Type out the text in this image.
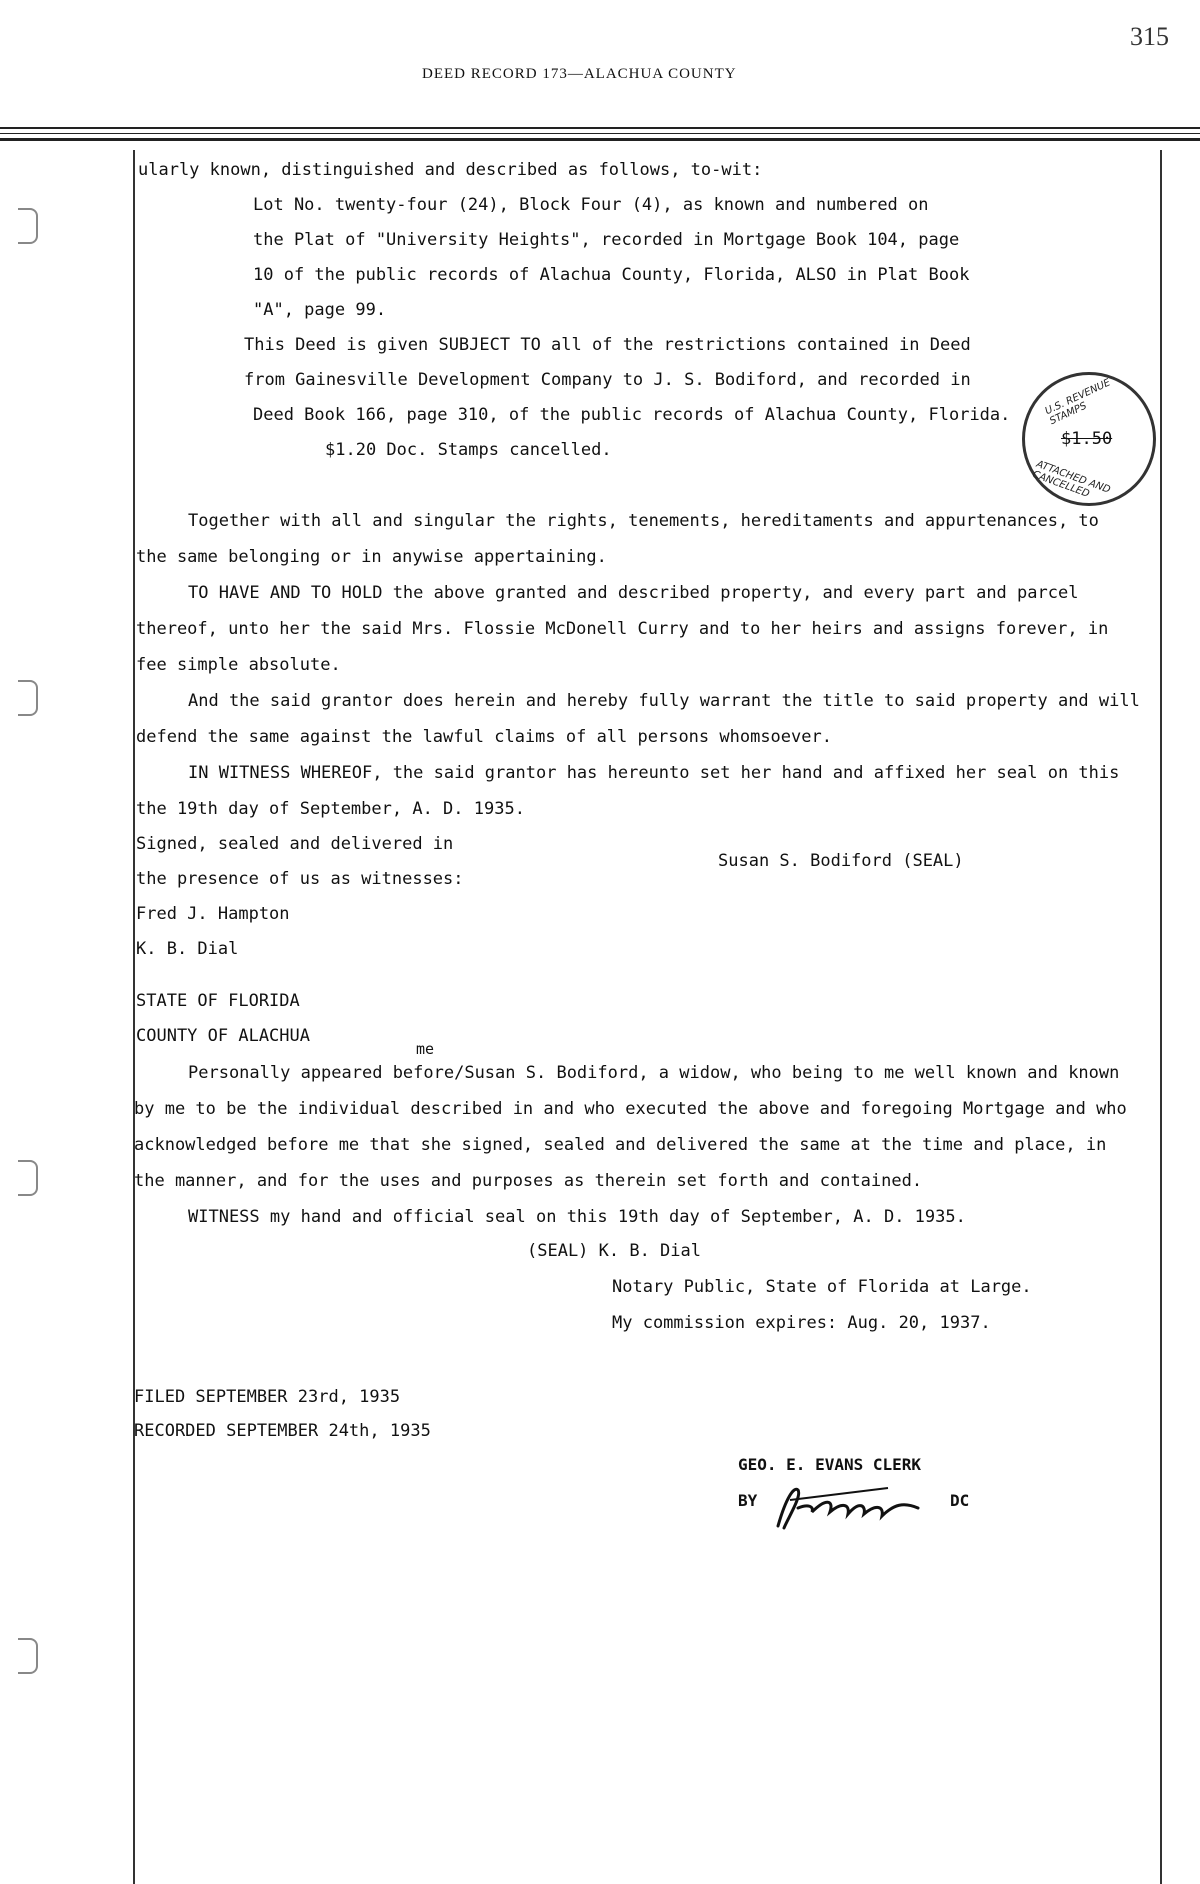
DEED RECORD 173—ALACHUA COUNTY
315
ularly known, distinguished and described as follows, to-wit:
Lot No. twenty-four (24), Block Four (4), as known and numbered on
the Plat of "University Heights", recorded in Mortgage Book 104, page
10 of the public records of Alachua County, Florida, ALSO in Plat Book
"A", page 99.
This Deed is given SUBJECT TO all of the restrictions contained in Deed
from Gainesville Development Company to J. S. Bodiford, and recorded in
Deed Book 166, page 310, of the public records of Alachua County, Florida.
$1.20 Doc. Stamps cancelled.
U.S. REVENUE STAMPS
$1.50
ATTACHED AND CANCELLED
Together with all and singular the rights, tenements, hereditaments and appurtenances, to
the same belonging or in anywise appertaining.
TO HAVE AND TO HOLD the above granted and described property, and every part and parcel
thereof, unto her the said Mrs. Flossie McDonell Curry and to her heirs and assigns forever, in
fee simple absolute.
And the said grantor does herein and hereby fully warrant the title to said property and will
defend the same against the lawful claims of all persons whomsoever.
IN WITNESS WHEREOF, the said grantor has hereunto set her hand and affixed her seal on this
the 19th day of September, A. D. 1935.
Signed, sealed and delivered in
the presence of us as witnesses:
Susan S. Bodiford (SEAL)
Fred J. Hampton
K. B. Dial
STATE OF FLORIDA
COUNTY OF ALACHUA
me
Personally appeared before/Susan S. Bodiford, a widow, who being to me well known and known
by me to be the individual described in and who executed the above and foregoing Mortgage and who
acknowledged before me that she signed, sealed and delivered the same at the time and place, in
the manner, and for the uses and purposes as therein set forth and contained.
WITNESS my hand and official seal on this 19th day of September, A. D. 1935.
(SEAL) K. B. Dial
Notary Public, State of Florida at Large.
My commission expires: Aug. 20, 1937.
FILED SEPTEMBER 23rd, 1935
RECORDED SEPTEMBER 24th, 1935
GEO. E. EVANS CLERK
BY	DC
